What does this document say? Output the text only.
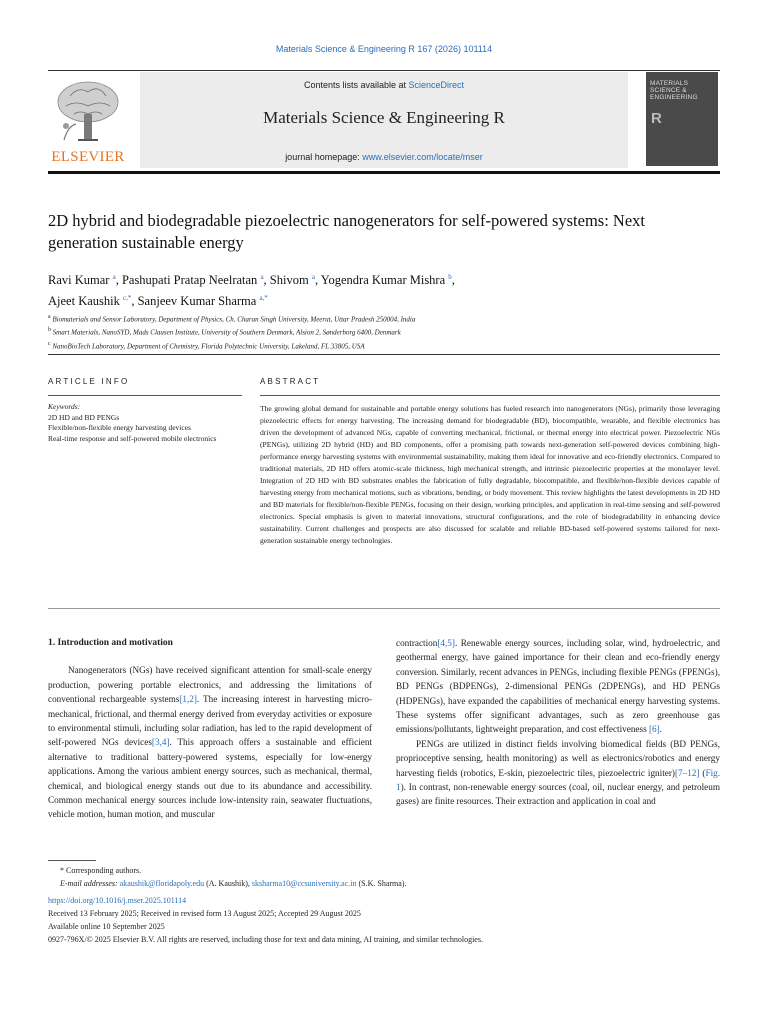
Materials Science & Engineering R 167 (2026) 101114
ELSEVIER
Contents lists available at ScienceDirect
Materials Science & Engineering R
journal homepage: www.elsevier.com/locate/mser
MATERIALS
SCIENCE &
ENGINEERING
R
2D hybrid and biodegradable piezoelectric nanogenerators for self-powered systems: Next generation sustainable energy
Ravi Kumar $^a$, Pashupati Pratap Neelratan $^a$, Shivom $^a$, Yogendra Kumar Mishra $^b$,
Ajeet Kaushik $^{c,*}$, Sanjeev Kumar Sharma $^{a,*}$
$^a$ Biomaterials and Sensor Laboratory, Department of Physics, Ch. Charan Singh University, Meerut, Uttar Pradesh 250004, India
$^b$ Smart Materials, NanoSYD, Mads Clausen Institute, University of Southern Denmark, Alsion 2, Sønderborg 6400, Denmark
$^c$ NanoBioTech Laboratory, Department of Chemistry, Florida Polytechnic University, Lakeland, FL 33805, USA
ARTICLE INFO
Keywords:
2D HD and BD PENGs
Flexible/non-flexible energy harvesting devices
Real-time response and self-powered mobile electronics
ABSTRACT
The growing global demand for sustainable and portable energy solutions has fueled research into nanogenerators (NGs), primarily those leveraging piezoelectric effects for energy harvesting. The increasing demand for biodegradable (BD), biocompatible, wearable, and flexible electronics has driven the development of advanced NGs, capable of converting mechanical, frictional, or thermal energy into electrical power. Piezoelectric NGs (PENGs), utilizing 2D hybrid (HD) and BD components, offer a promising path towards next-generation self-powered devices combining high-performance energy harvesting systems with environmental sustainability, making them ideal for innovative and eco-friendly electronics. Compared to traditional materials, 2D HD offers atomic-scale thickness, high mechanical strength, and intrinsic piezoelectric properties at the monolayer level. Integration of 2D HD with BD substrates enables the fabrication of fully degradable, biocompatible, and flexible/non-flexible devices capable of harvesting energy from mechanical motions, such as vibrations, bending, or body movement. This review highlights the latest developments in 2D HD and BD materials for flexible/non-flexible PENGs, focusing on their design, working principles, and application in real-time sensing and self-powered electronics. Special emphasis is given to material innovations, structural configurations, and the role of biodegradability in enhancing device sustainability. Current challenges and prospects are also discussed for scalable and reliable BD-based self-powered systems tailored for next-generation sustainable energy technologies.

1. Introduction and motivation

Nanogenerators (NGs) have received significant attention for small-scale energy production, powering portable electronics, and addressing the limitations of conventional rechargeable systems[1,2]. The increasing interest in harvesting micro-mechanical, frictional, and thermal energy derived from everyday activities or exposure to environmental stimuli, including solar radiation, has led to the rapid development of self-powered NGs devices[3,4]. This approach offers a sustainable and efficient alternative to traditional battery-powered systems, especially for low-energy applications. Among the various ambient energy sources, such as mechanical, thermal, chemical, and biological energy stands out due to its abundance and accessibility. Common mechanical energy sources include low-intensity rain, seawater fluctuations, vehicle motion, human motion, and muscular

contraction[4,5]. Renewable energy sources, including solar, wind, hydroelectric, and geothermal energy, have gained importance for their clean and eco-friendly energy conversion. Similarly, recent advances in PENGs, including flexible PENGs (FPENGs), BD PENGs (BDPENGs), 2-dimensional PENGs (2DPENGs), and HD PENGs (HDPENGs), have expanded the capabilities of mechanical energy harvesting systems. These systems offer significant advantages, such as zero greenhouse gas emissions/pollutants, lightweight preparation, and cost effectiveness [6].

PENGs are utilized in distinct fields involving biomedical fields (BD PENGs, proprioceptive sensing, health monitoring) as well as electronics/robotics and energy harvesting fields (robotics, E-skin, piezoelectric tiles, piezoelectric igniter)[7–12] (Fig. 1). In contrast, non-renewable energy sources (coal, oil, nuclear energy, and petroleum gases) are finite resources. Their extraction and application in coal and

* Corresponding authors.
E-mail addresses: akaushik@floridapoly.edu (A. Kaushik), sksharma10@ccsuniversity.ac.in (S.K. Sharma).
https://doi.org/10.1016/j.mser.2025.101114
Received 13 February 2025; Received in revised form 13 August 2025; Accepted 29 August 2025
Available online 10 September 2025
0927-796X/© 2025 Elsevier B.V. All rights are reserved, including those for text and data mining, AI training, and similar technologies.
